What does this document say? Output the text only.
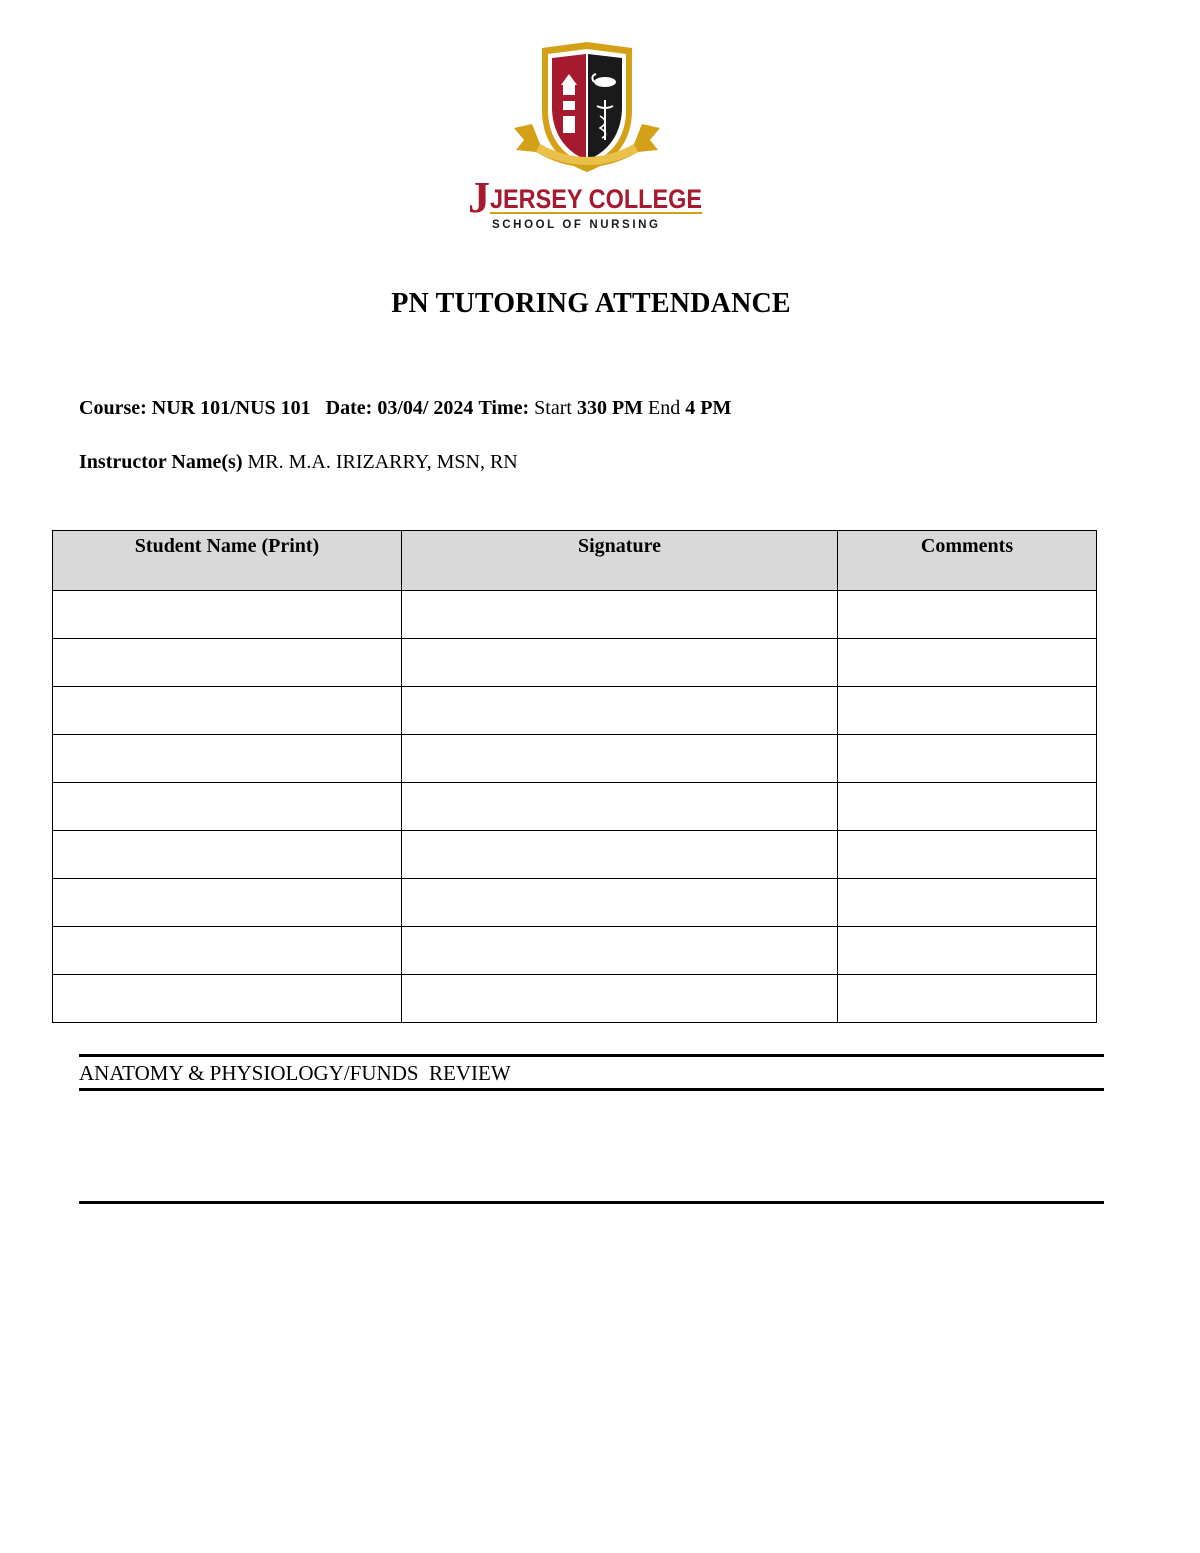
J JERSEY COLLEGE
SCHOOL OF NURSING
PN TUTORING ATTENDANCE
Course: NUR 101/NUS 101 Date: 03/04/ 2024 Time: Start 330 PM End 4 PM
Instructor Name(s) MR. M.A. IRIZARRY, MSN, RN
Student Name (Print)	Signature	Comments

ANATOMY & PHYSIOLOGY/FUNDS  REVIEW
